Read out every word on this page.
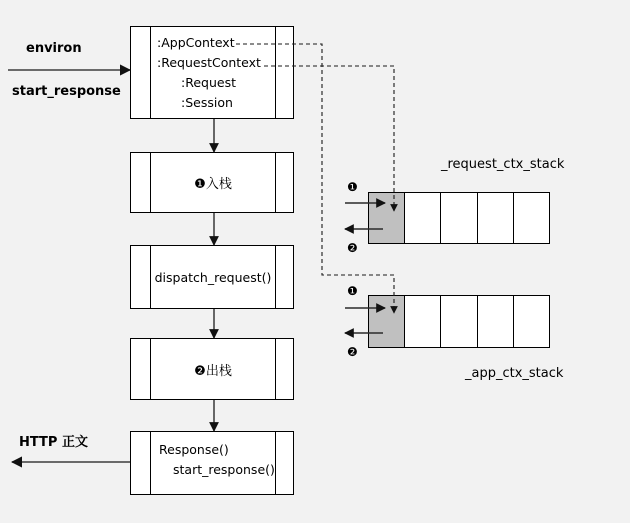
:AppContext
:RequestContext
:Request
:Session
❶入栈
dispatch_request()
❷出栈
Response()
start_response()
environ
start_response
HTTP 正文
_request_ctx_stack
_app_ctx_stack
❶
❷
❶
❷
